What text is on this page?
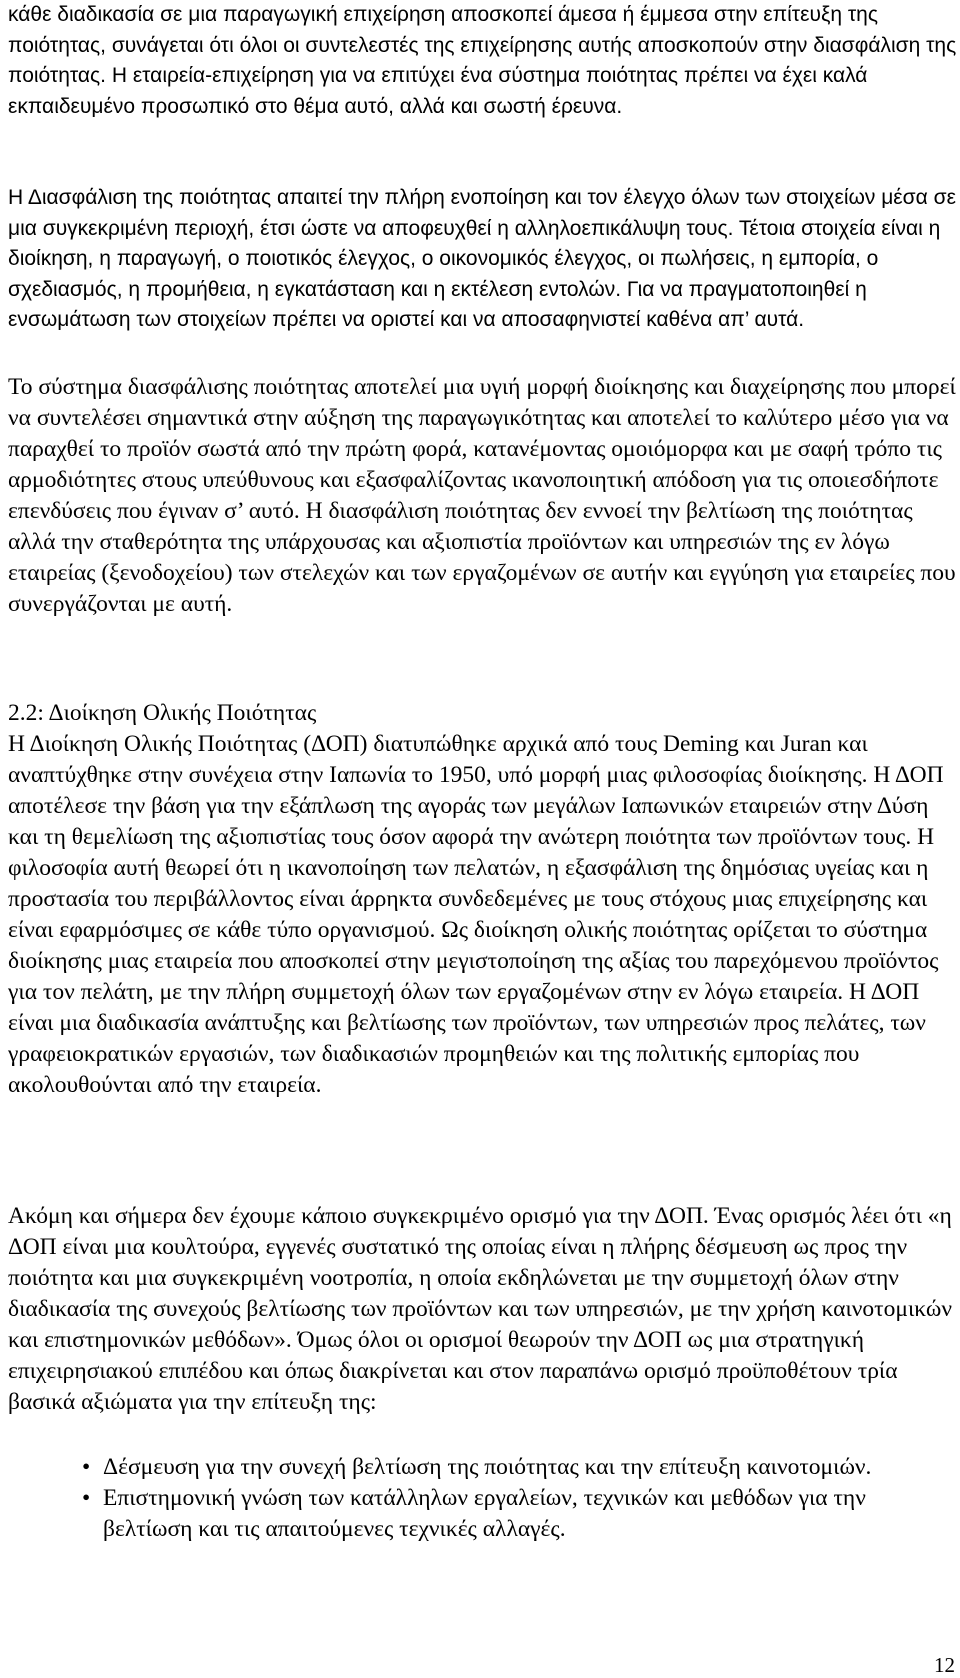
κάθε διαδικασία σε μια παραγωγική επιχείρηση αποσκοπεί άμεσα ή έμμεσα στην επίτευξη της ποιότητας, συνάγεται ότι όλοι οι συντελεστές της επιχείρησης αυτής αποσκοπούν στην διασφάλιση της ποιότητας. Η εταιρεία-επιχείρηση για να επιτύχει ένα σύστημα ποιότητας πρέπει να έχει καλά εκπαιδευμένο προσωπικό στο θέμα αυτό, αλλά και σωστή έρευνα.

Η Διασφάλιση της ποιότητας απαιτεί την πλήρη ενοποίηση και τον έλεγχο όλων των στοιχείων μέσα σε μια συγκεκριμένη περιοχή, έτσι ώστε να αποφευχθεί η αλληλοεπικάλυψη τους. Τέτοια στοιχεία είναι η διοίκηση, η παραγωγή, ο ποιοτικός έλεγχος, ο οικονομικός έλεγχος, οι πωλήσεις, η εμπορία, ο σχεδιασμός, η προμήθεια, η εγκατάσταση και η εκτέλεση εντολών. Για να πραγματοποιηθεί η ενσωμάτωση των στοιχείων πρέπει να οριστεί και να αποσαφηνιστεί καθένα απ’ αυτά.

Το σύστημα διασφάλισης ποιότητας αποτελεί μια υγιή μορφή διοίκησης και διαχείρησης που μπορεί να συντελέσει σημαντικά στην αύξηση της παραγωγικότητας και αποτελεί το καλύτερο μέσο για να παραχθεί το προϊόν σωστά από την πρώτη φορά, κατανέμοντας ομοιόμορφα και με σαφή τρόπο τις αρμοδιότητες στους υπεύθυνους και εξασφαλίζοντας ικανοποιητική απόδοση για τις οποιεσδήποτε επενδύσεις που έγιναν σ’ αυτό. Η διασφάλιση ποιότητας δεν εννοεί την βελτίωση της ποιότητας αλλά την σταθερότητα της υπάρχουσας και αξιοπιστία προϊόντων και υπηρεσιών της εν λόγω εταιρείας (ξενοδοχείου) των στελεχών και των εργαζομένων σε αυτήν και εγγύηση για εταιρείες που συνεργάζονται με αυτή.

2.2: Διοίκηση Ολικής Ποιότητας

Η Διοίκηση Ολικής Ποιότητας (ΔΟΠ) διατυπώθηκε αρχικά από τους Deming και Juran και αναπτύχθηκε στην συνέχεια στην Ιαπωνία το 1950, υπό μορφή μιας φιλοσοφίας διοίκησης. Η ΔΟΠ αποτέλεσε την βάση για την εξάπλωση της αγοράς των μεγάλων Ιαπωνικών εταιρειών στην Δύση και τη θεμελίωση της αξιοπιστίας τους όσον αφορά την ανώτερη ποιότητα των προϊόντων τους. Η φιλοσοφία αυτή θεωρεί ότι η ικανοποίηση των πελατών, η εξασφάλιση της δημόσιας υγείας και η προστασία του περιβάλλοντος είναι άρρηκτα συνδεδεμένες με τους στόχους μιας επιχείρησης και είναι εφαρμόσιμες σε κάθε τύπο οργανισμού. Ως διοίκηση ολικής ποιότητας ορίζεται το σύστημα διοίκησης μιας εταιρεία που αποσκοπεί στην μεγιστοποίηση της αξίας του παρεχόμενου προϊόντος για τον πελάτη, με την πλήρη συμμετοχή όλων των εργαζομένων στην εν λόγω εταιρεία. Η ΔΟΠ είναι μια διαδικασία ανάπτυξης και βελτίωσης των προϊόντων, των υπηρεσιών προς πελάτες, των γραφειοκρατικών εργασιών, των διαδικασιών προμηθειών και της πολιτικής εμπορίας που ακολουθούνται από την εταιρεία.

Ακόμη και σήμερα δεν έχουμε κάποιο συγκεκριμένο ορισμό για την ΔΟΠ. Ένας ορισμός λέει ότι «η ΔΟΠ είναι μια κουλτούρα, εγγενές συστατικό της οποίας είναι η πλήρης δέσμευση ως προς την ποιότητα και μια συγκεκριμένη νοοτροπία, η οποία εκδηλώνεται με την συμμετοχή όλων στην διαδικασία της συνεχούς βελτίωσης των προϊόντων και των υπηρεσιών, με την χρήση καινοτομικών και επιστημονικών μεθόδων». Όμως όλοι οι ορισμοί θεωρούν την ΔΟΠ ως μια στρατηγική επιχειρησιακού επιπέδου και όπως διακρίνεται και στον παραπάνω ορισμό προϋποθέτουν τρία βασικά αξιώματα για την επίτευξη της:

• Δέσμευση για την συνεχή βελτίωση της ποιότητας και την επίτευξη καινοτομιών.
• Επιστημονική γνώση των κατάλληλων εργαλείων, τεχνικών και μεθόδων για την βελτίωση και τις απαιτούμενες τεχνικές αλλαγές.
12
